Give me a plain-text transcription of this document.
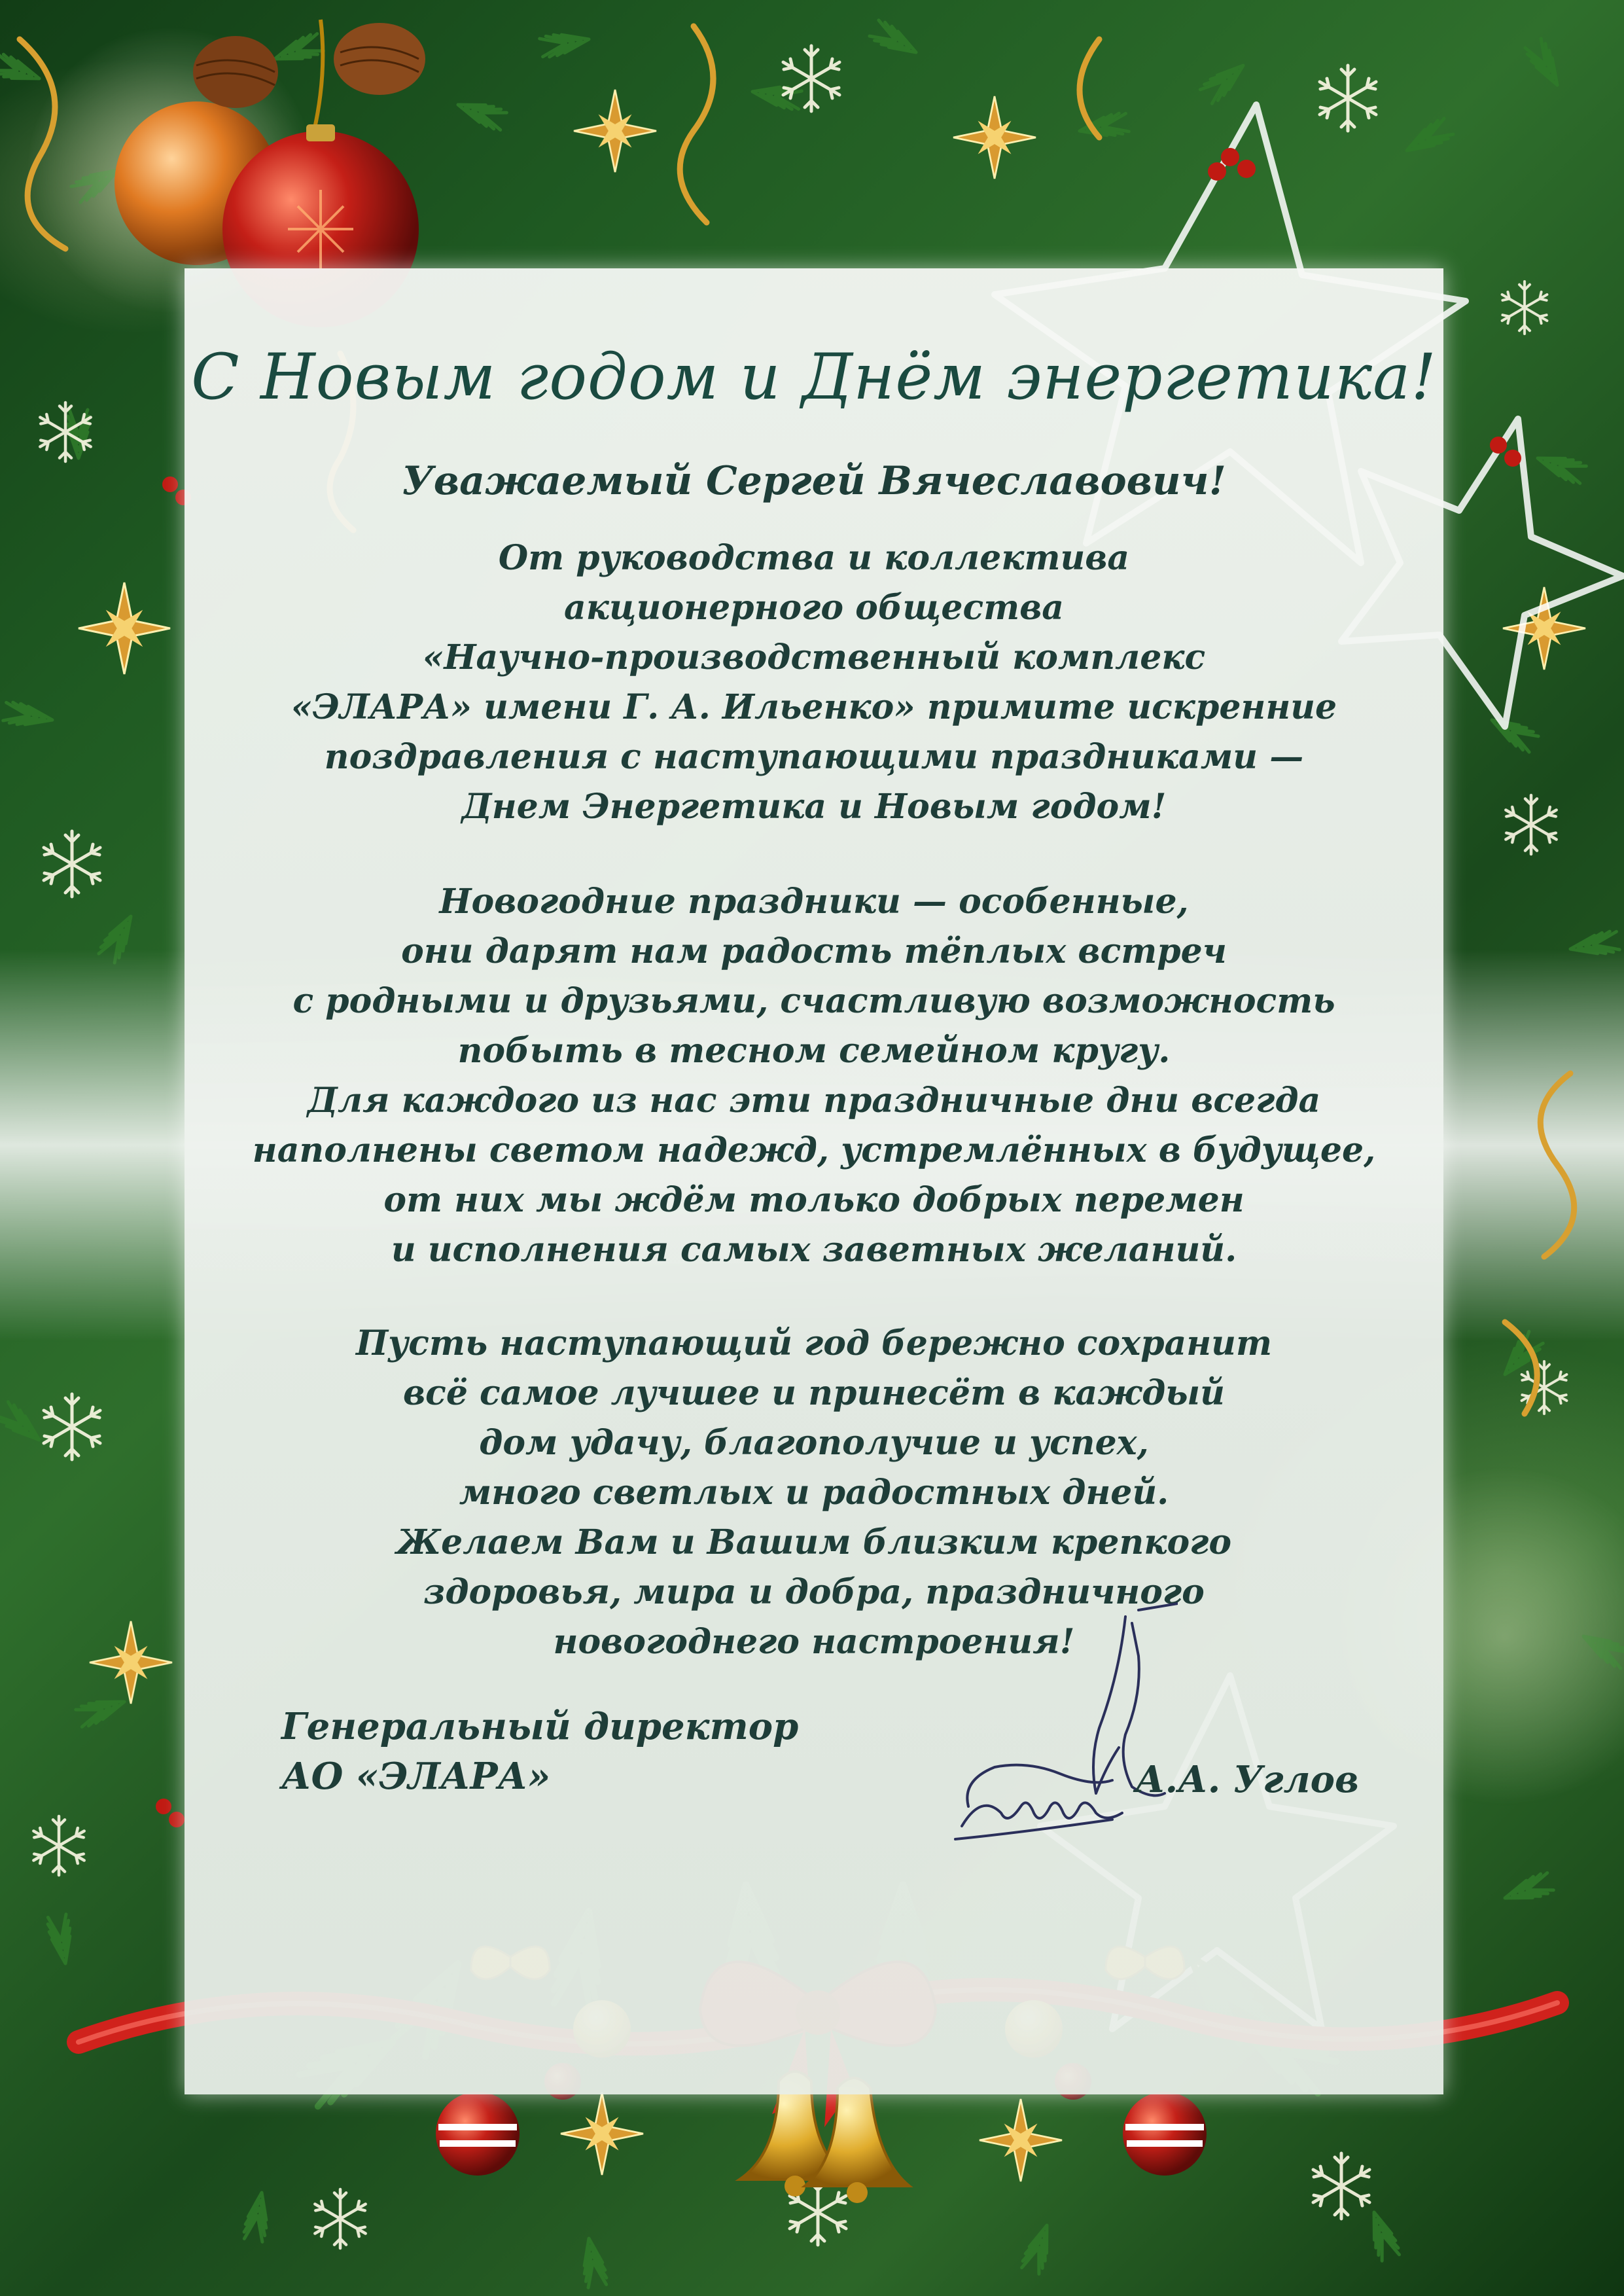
С Новым годом и Днём энергетика!
Уважаемый Сергей Вячеславович!
От руководства и коллектива
акционерного общества
«Научно-производственный комплекс
«ЭЛАРА» имени Г. А. Ильенко» примите искренние
поздравления с наступающими праздниками —
Днем Энергетика и Новым годом!
Новогодние праздники — особенные,
они дарят нам радость тёплых встреч
с родными и друзьями, счастливую возможность
побыть в тесном семейном кругу.
Для каждого из нас эти праздничные дни всегда
наполнены светом надежд, устремлённых в будущее,
от них мы ждём только добрых перемен
и исполнения самых заветных желаний.
Пусть наступающий год бережно сохранит
всё самое лучшее и принесёт в каждый
дом удачу, благополучие и успех,
много светлых и радостных дней.
Желаем Вам и Вашим близким крепкого
здоровья, мира и добра, праздничного
новогоднего настроения!
Генеральный директор
АО «ЭЛАРА»	А.А. Углов
